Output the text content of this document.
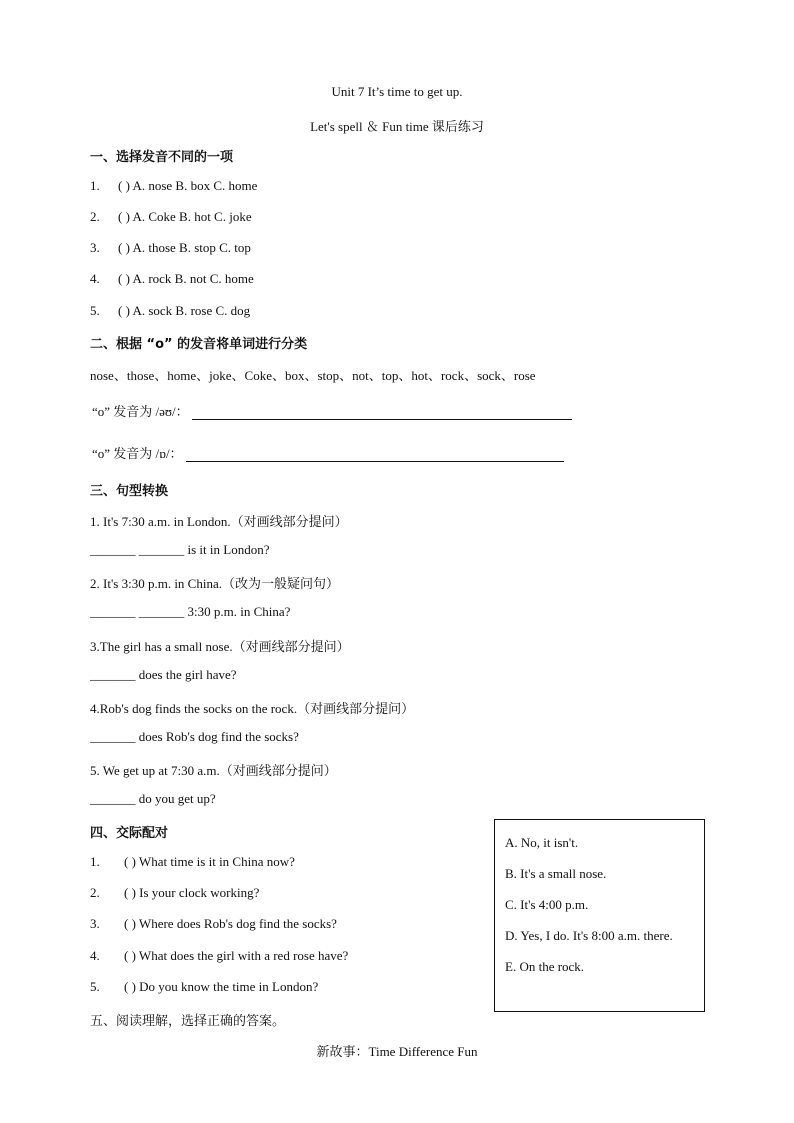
Unit 7 It’s time to get up.
Let's spell ＆ Fun time 课后练习
一、选择发音不同的一项
1. ( ) A. nose B. box C. home
2. ( ) A. Coke B. hot C. joke
3. ( ) A. those B. stop C. top
4. ( ) A. rock B. not C. home
5. ( ) A. sock B. rose C. dog
二、根据 “o” 的发音将单词进行分类
nose、those、home、joke、Coke、box、stop、not、top、hot、rock、sock、rose
“o” 发音为 /əʊ/：
“o” 发音为 /ɒ/：
三、句型转换
1. It's 7:30 a.m. in London.（对画线部分提问）
_______ _______ is it in London?
2. It's 3:30 p.m. in China.（改为一般疑问句）
_______ _______ 3:30 p.m. in China?
3.The girl has a small nose.（对画线部分提问）
_______ does the girl have?
4.Rob's dog finds the socks on the rock.（对画线部分提问）
_______ does Rob's dog find the socks?
5. We get up at 7:30 a.m.（对画线部分提问）
_______ do you get up?
四、交际配对
1. ( ) What time is it in China now?
2. ( ) Is your clock working?
3. ( ) Where does Rob's dog find the socks?
4. ( ) What does the girl with a red rose have?
5. ( ) Do you know the time in London?
A. No, it isn't.
B. It's a small nose.
C. It's 4:00 p.m.
D. Yes, I do. It's 8:00 a.m. there.
E. On the rock.
五、阅读理解，选择正确的答案。
新故事：Time Difference Fun
